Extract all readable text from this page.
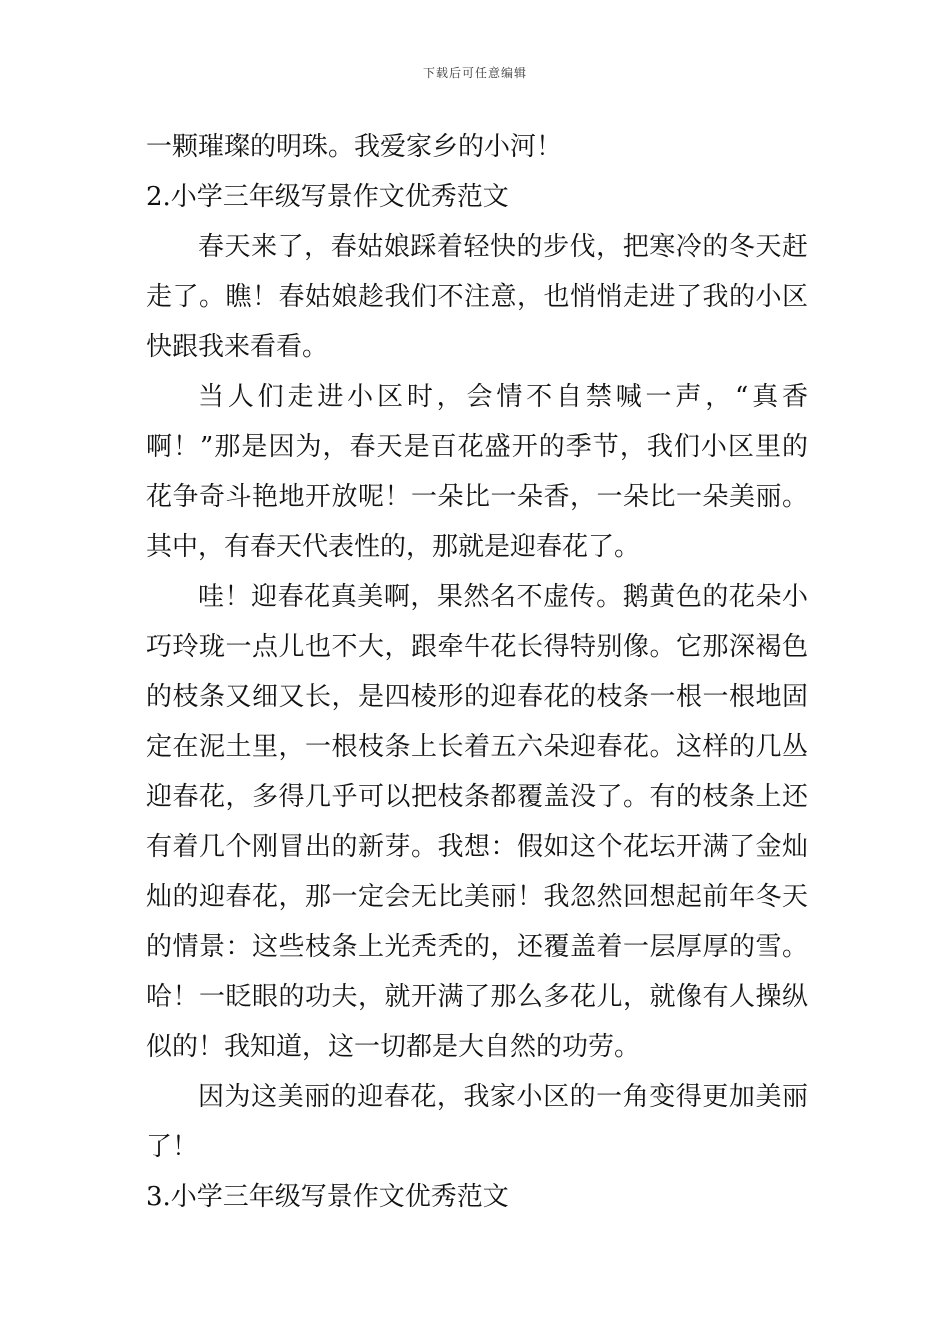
下载后可任意编辑
一颗璀璨的明珠。我爱家乡的小河！
2.小学三年级写景作文优秀范文
春天来了，春姑娘踩着轻快的步伐，把寒冷的冬天赶
走了。瞧！春姑娘趁我们不注意，也悄悄走进了我的小区
快跟我来看看。
当人们走进小区时，会情不自禁喊一声，“真香
啊！”那是因为，春天是百花盛开的季节，我们小区里的
花争奇斗艳地开放呢！一朵比一朵香，一朵比一朵美丽。
其中，有春天代表性的，那就是迎春花了。
哇！迎春花真美啊，果然名不虚传。鹅黄色的花朵小
巧玲珑一点儿也不大，跟牵牛花长得特别像。它那深褐色
的枝条又细又长，是四棱形的迎春花的枝条一根一根地固
定在泥土里，一根枝条上长着五六朵迎春花。这样的几丛
迎春花，多得几乎可以把枝条都覆盖没了。有的枝条上还
有着几个刚冒出的新芽。我想：假如这个花坛开满了金灿
灿的迎春花，那一定会无比美丽！我忽然回想起前年冬天
的情景：这些枝条上光秃秃的，还覆盖着一层厚厚的雪。
哈！一眨眼的功夫，就开满了那么多花儿，就像有人操纵
似的！我知道，这一切都是大自然的功劳。
因为这美丽的迎春花，我家小区的一角变得更加美丽
了！
3.小学三年级写景作文优秀范文
